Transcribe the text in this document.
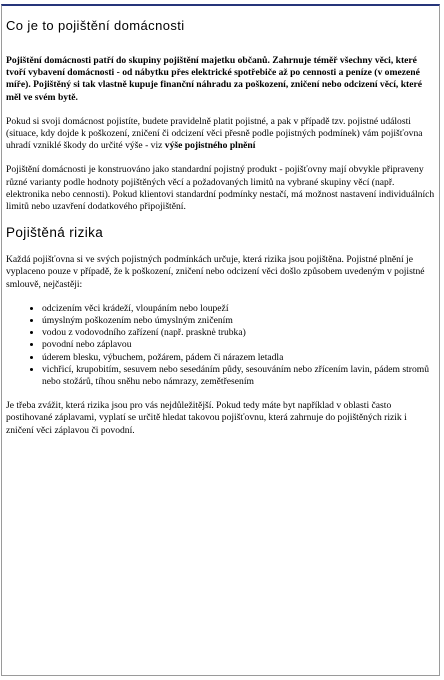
Co je to pojištění domácnosti

Pojištění domácnosti patří do skupiny pojištění majetku občanů. Zahrnuje téměř všechny věci, které tvoří vybavení domácnosti - od nábytku přes elektrické spotřebiče až po cennosti a peníze (v omezené míře). Pojištěný si tak vlastně kupuje finanční náhradu za poškození, zničení nebo odcizení věcí, které měl ve svém bytě.

Pokud si svoji domácnost pojistíte, budete pravidelně platit pojistné, a pak v případě tzv. pojistné události (situace, kdy dojde k poškození, zničení či odcizení věci přesně podle pojistných podmínek) vám pojišťovna uhradí vzniklé škody do určité výše - viz výše pojistného plnění

Pojištění domácnosti je konstruováno jako standardní pojistný produkt - pojišťovny mají obvykle připraveny různé varianty podle hodnoty pojištěných věcí a požadovaných limitů na vybrané skupiny věcí (např. elektronika nebo cennosti). Pokud klientovi standardní podmínky nestačí, má možnost nastavení individuálních limitů nebo uzavření dodatkového připojištění.

Pojištěná rizika

Každá pojišťovna si ve svých pojistných podmínkách určuje, která rizika jsou pojištěna. Pojistné plnění je vyplaceno pouze v případě, že k poškození, zničení nebo odcizení věci došlo způsobem uvedeným v pojistné smlouvě, nejčastěji:

• odcizením věci krádeží, vloupáním nebo loupeží
• úmyslným poškozením nebo úmyslným zničením
• vodou z vodovodního zařízení (např. prasknė trubka)
• povodní nebo záplavou
• úderem blesku, výbuchem, požárem, pádem či nárazem letadla
• vichřicí, krupobitím, sesuvem nebo sesedáním půdy, sesouváním nebo zřícením lavin, pádem stromů nebo stožárů, tíhou sněhu nebo námrazy, zemětřesením

Je třeba zvážit, která rizika jsou pro vás nejdůležitější. Pokud tedy máte byt například v oblasti často postihované záplavami, vyplatí se určitě hledat takovou pojišťovnu, která zahrnuje do pojištěných rizik i zničení věci záplavou či povodní.
